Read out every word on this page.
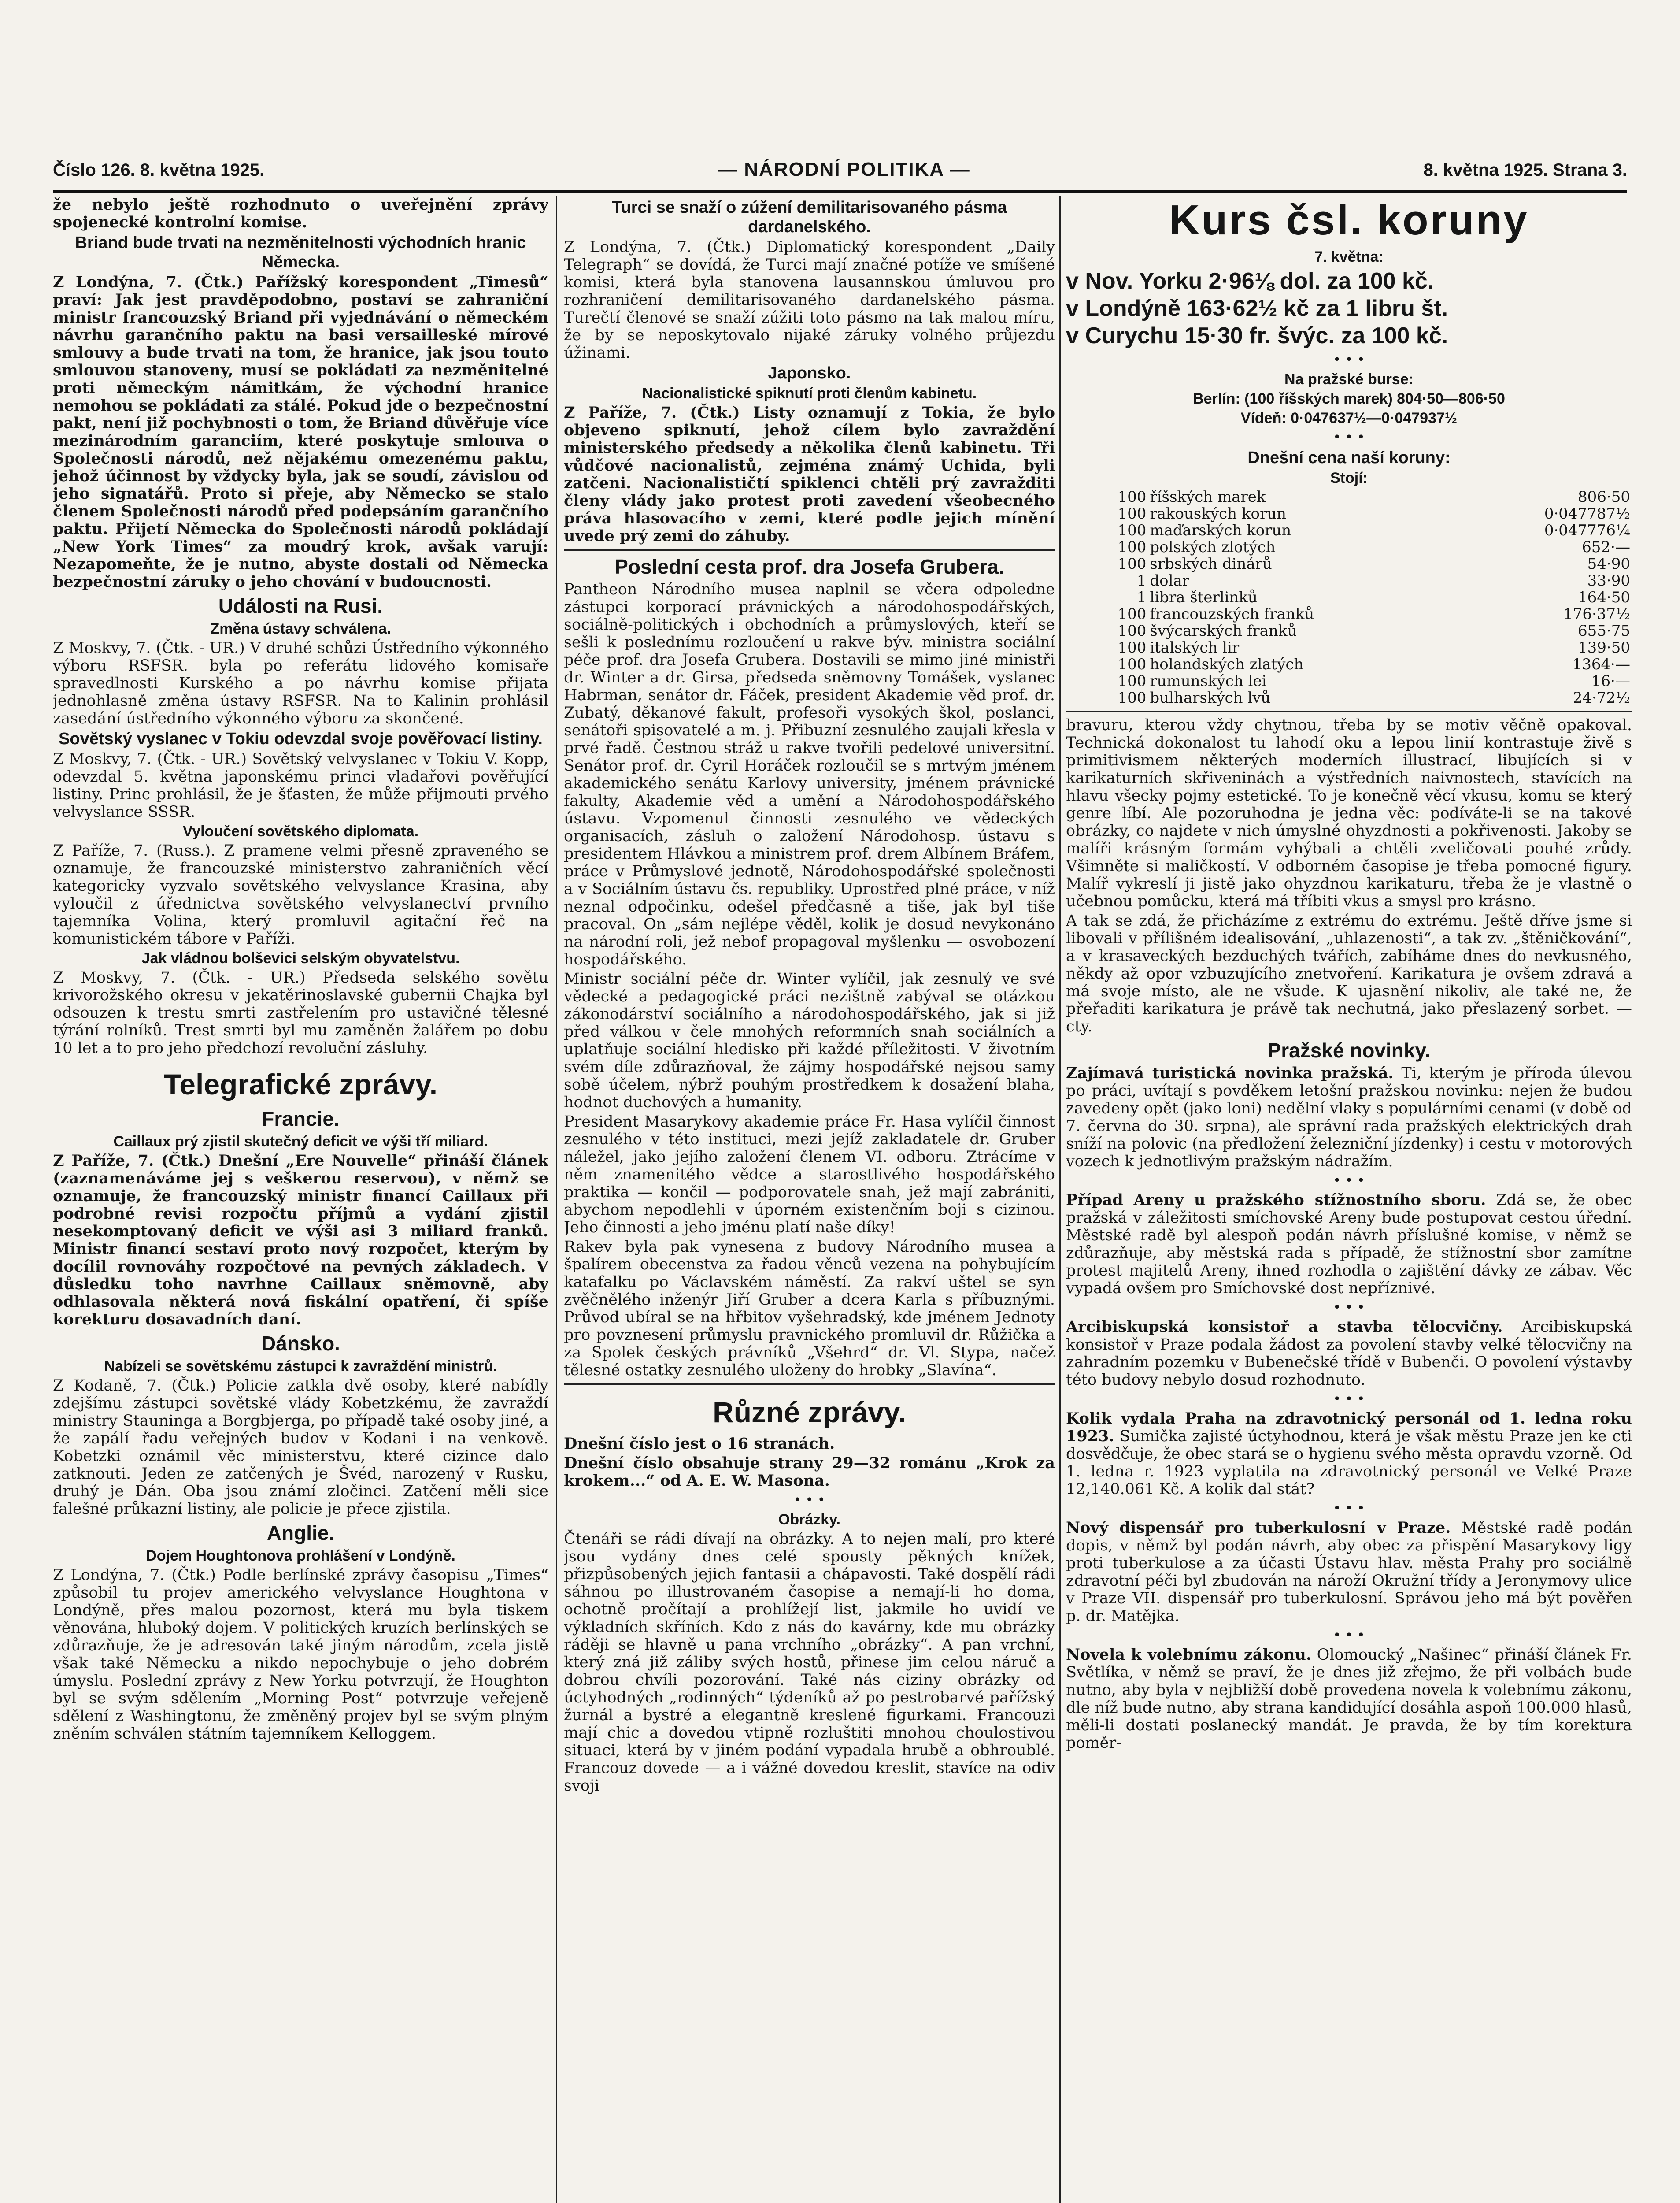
Číslo 126. 8. května 1925.	— NÁRODNÍ POLITIKA —	8. května 1925. Strana 3.

že nebylo ještě rozhodnuto o uveřejnění zprávy spojenecké kontrolní komise.

Briand bude trvati na nezměnitelnosti východních hranic Německa.

Z Londýna, 7. (Čtk.) Pařížský korespondent „Timesů“ praví: Jak jest pravděpodobno, postaví se zahraniční ministr francouzský Briand při vyjednávání o německém návrhu garančního paktu na basi versailleské mírové smlouvy a bude trvati na tom, že hranice, jak jsou touto smlouvou stanoveny, musí se pokládati za nezměnitelné proti německým námitkám, že východní hranice nemohou se pokládati za stálé. Pokud jde o bezpečnostní pakt, není již pochybnosti o tom, že Briand důvěřuje více mezinárodním garanciím, které poskytuje smlouva o Společnosti národů, než nějakému omezenému paktu, jehož účinnost by vždycky byla, jak se soudí, závislou od jeho signatářů. Proto si přeje, aby Německo se stalo členem Společnosti národů před podepsáním garančního paktu. Přijetí Německa do Společnosti národů pokládají „New York Times“ za moudrý krok, avšak varují: Nezapomeňte, že je nutno, abyste dostali od Německa bezpečnostní záruky o jeho chování v budoucnosti.

Události na Rusi.
Změna ústavy schválena.

Z Moskvy, 7. (Čtk. - UR.) V druhé schůzi Ústředního výkonného výboru RSFSR. byla po referátu lidového komisaře spravedlnosti Kurského a po návrhu komise přijata jednohlasně změna ústavy RSFSR. Na to Kalinin prohlásil zasedání ústředního výkonného výboru za skončené.

Sovětský vyslanec v Tokiu odevzdal svoje pověřovací listiny.

Z Moskvy, 7. (Čtk. - UR.) Sovětský velvyslanec v Tokiu V. Kopp, odevzdal 5. května japonskému princi vladařovi pověřující listiny. Princ prohlásil, že je šťasten, že může přijmouti prvého velvyslance SSSR.

Vyloučení sovětského diplomata.

Z Paříže, 7. (Russ.). Z pramene velmi přesně zpraveného se oznamuje, že francouzské ministerstvo zahraničních věcí kategoricky vyzvalo sovětského velvyslance Krasina, aby vyloučil z úřednictva sovětského velvyslanectví prvního tajemníka Volina, který promluvil agitační řeč na komunistickém tábore v Paříži.

Jak vládnou bolševici selským obyvatelstvu.

Z Moskvy, 7. (Čtk. - UR.) Předseda selského sovětu krivorožského okresu v jekatěrinoslavské gubernii Chajka byl odsouzen k trestu smrti zastřelením pro ustavičné tělesné týrání rolníků. Trest smrti byl mu zaměněn žalářem po dobu 10 let a to pro jeho předchozí revoluční zásluhy.

Telegrafické zprávy.
Francie.
Caillaux prý zjistil skutečný deficit ve výši tří miliard.

Z Paříže, 7. (Čtk.) Dnešní „Ere Nouvelle“ přináší článek (zaznamenáváme jej s veškerou reservou), v němž se oznamuje, že francouzský ministr financí Caillaux při podrobné revisi rozpočtu příjmů a vydání zjistil nesekomptovaný deficit ve výši asi 3 miliard franků. Ministr financí sestaví proto nový rozpočet, kterým by docílil rovnováhy rozpočtové na pevných základech. V důsledku toho navrhne Caillaux sněmovně, aby odhlasovala některá nová fiskální opatření, či spíše korekturu dosavadních daní.

Dánsko.
Nabízeli se sovětskému zástupci k zavraždění ministrů.

Z Kodaně, 7. (Čtk.) Policie zatkla dvě osoby, které nabídly zdejšímu zástupci sovětské vlády Kobetzkému, že zavraždí ministry Stauninga a Borgbjerga, po případě také osoby jiné, a že zapálí řadu veřejných budov v Kodani i na venkově. Kobetzki oznámil věc ministerstvu, které cizince dalo zatknouti. Jeden ze zatčených je Švéd, narozený v Rusku, druhý je Dán. Oba jsou známí zločinci. Zatčení měli sice falešné průkazní listiny, ale policie je přece zjistila.

Anglie.
Dojem Houghtonova prohlášení v Londýně.

Z Londýna, 7. (Čtk.) Podle berlínské zprávy časopisu „Times“ způsobil tu projev amerického velvyslance Houghtona v Londýně, přes malou pozornost, která mu byla tiskem věnována, hluboký dojem. V politických kruzích berlínských se zdůrazňuje, že je adresován také jiným národům, zcela jistě však také Německu a nikdo nepochybuje o jeho dobrém úmyslu. Poslední zprávy z New Yorku potvrzují, že Houghton byl se svým sdělením „Morning Post“ potvrzuje veřejeně sdělení z Washingtonu, že změněný projev byl se svým plným zněním schválen státním tajemníkem Kelloggem.

Turci se snaží o zúžení demilitarisovaného pásma dardanelského.

Z Londýna, 7. (Čtk.) Diplomatický korespondent „Daily Telegraph“ se dovídá, že Turci mají značné potíže ve smíšené komisi, která byla stanovena lausannskou úmluvou pro rozhraničení demilitarisovaného dardanelského pásma. Turečtí členové se snaží zúžiti toto pásmo na tak malou míru, že by se neposkytovalo nijaké záruky volného průjezdu úžinami.

Japonsko.
Nacionalistické spiknutí proti členům kabinetu.

Z Paříže, 7. (Čtk.) Listy oznamují z Tokia, že bylo objeveno spiknutí, jehož cílem bylo zavraždění ministerského předsedy a několika členů kabinetu. Tři vůdčové nacionalistů, zejména známý Uchida, byli zatčeni. Nacionalističtí spiklenci chtěli prý zavražditi členy vlády jako protest proti zavedení všeobecného práva hlasovacího v zemi, které podle jejich mínění uvede prý zemi do záhuby.

Poslední cesta prof. dra Josefa Grubera.

Pantheon Národního musea naplnil se včera odpoledne zástupci korporací právnických a národohospodářských, sociálně-politických i obchodních a průmyslových, kteří se sešli k poslednímu rozloučení u rakve býv. ministra sociální péče prof. dra Josefa Grubera. Dostavili se mimo jiné ministři dr. Winter a dr. Girsa, předseda sněmovny Tomášek, vyslanec Habrman, senátor dr. Fáček, president Akademie věd prof. dr. Zubatý, děkanové fakult, profesoři vysokých škol, poslanci, senátoři spisovatelé a m. j. Přibuzní zesnulého zaujali křesla v prvé řadě. Čestnou stráž u rakve tvořili pedelové universitní. Senátor prof. dr. Cyril Horáček rozloučil se s mrtvým jménem akademického senátu Karlovy university, jménem právnické fakulty, Akademie věd a umění a Národohospodářského ústavu. Vzpomenul činnosti zesnulého ve vědeckých organisacích, zásluh o založení Národohosp. ústavu s presidentem Hlávkou a ministrem prof. drem Albínem Bráfem, práce v Průmyslové jednotě, Národohospodářské společnosti a v Sociálním ústavu čs. republiky. Uprostřed plné práce, v níž neznal odpočinku, odešel předčasně a tiše, jak byl tiše pracoval. On „sám nejlépe věděl, kolik je dosud nevykonáno na národní roli, jež nebof propagoval myšlenku — osvobození hospodářského.

Ministr sociální péče dr. Winter vylíčil, jak zesnulý ve své vědecké a pedagogické práci nezištně zabýval se otázkou zákonodárství sociálního a národohospodářského, jak si již před válkou v čele mnohých reformních snah sociálních a uplatňuje sociální hledisko při každé příležitosti. V životním svém díle zdůrazňoval, že zájmy hospodářské nejsou samy sobě účelem, nýbrž pouhým prostředkem k dosažení blaha, hodnot duchových a humanity.

President Masarykovy akademie práce Fr. Hasa vylíčil činnost zesnulého v této instituci, mezi jejíž zakladatele dr. Gruber náležel, jako jejího založení členem VI. odboru. Ztrácíme v něm znamenitého vědce a starostlivého hospodářského praktika — končil — podporovatele snah, jež mají zabrániti, abychom nepodlehli v úporném existenčním boji s cizinou. Jeho činnosti a jeho jménu platí naše díky!

Rakev byla pak vynesena z budovy Národního musea a špalírem obecenstva za řadou věnců vezena na pohybujícím katafalku po Václavském náměstí. Za rakví uštel se syn zvěčnělého inženýr Jiří Gruber a dcera Karla s příbuznými. Průvod ubíral se na hřbitov vyšehradský, kde jménem Jednoty pro povznesení průmyslu pravnického promluvil dr. Růžička a za Spolek českých právníků „Všehrd“ dr. Vl. Stypa, načež tělesné ostatky zesnulého uloženy do hrobky „Slavína“.

Různé zprávy.

Dnešní číslo jest o 16 stranách.

Dnešní číslo obsahuje strany 29—32 románu „Krok za krokem...“ od A. E. W. Masona.

• • •
Obrázky.

Čtenáři se rádi dívají na obrázky. A to nejen malí, pro které jsou vydány dnes celé spousty pěkných knížek, přizpůsobených jejich fantasii a chápavosti. Také dospělí rádi sáhnou po illustrovaném časopise a nemají-li ho doma, ochotně pročítají a prohlížejí list, jakmile ho uvidí ve výkladních skříních. Kdo z nás do kavárny, kde mu obrázky ráději se hlavně u pana vrchního „obrázky“. A pan vrchní, který zná již záliby svých hostů, přinese jim celou náruč a dobrou chvíli pozorování. Také nás ciziny obrázky od úctyhodných „rodinných“ týdeníků až po pestrobarvé pařížský žurnál a bystré a elegantně kreslené figurkami. Francouzi mají chic a dovedou vtipně rozluštiti mnohou choulostivou situaci, která by v jiném podání vypadala hrubě a obhroublé. Francouz dovede — a i vážné dovedou kreslit, stavíce na odiv svoji

Kurs čsl. koruny
7. května:

v Nov. Yorku 2·96⅛ dol. za 100 kč.

v Londýně 163·62½ kč za 1 libru št.

v Curychu 15·30 fr. švýc. za 100 kč.

• • •
Na pražské burse:
Berlín: (100 říšských marek) 804·50—806·50
Vídeň: 0·047637½—0·047937½
• • •
Dnešní cena naší koruny:
Stojí:
100	říšských marek	806·50
100	rakouských korun	0·047787½
100	maďarských korun	0·047776¼
100	polských zlotých	652·—
100	srbských dinárů	54·90
1	dolar	33·90
1	libra šterlinků	164·50
100	francouzských franků	176·37½
100	švýcarských franků	655·75
100	italských lir	139·50
100	holandských zlatých	1364·—
100	rumunských lei	16·—
100	bulharských lvů	24·72½

bravuru, kterou vždy chytnou, třeba by se motiv věčně opakoval. Technická dokonalost tu lahodí oku a lepou linií kontrastuje živě s primitivismem některých moderních illustrací, libujících si v karikaturních skřiveninách a výstředních naivnostech, stavících na hlavu všecky pojmy estetické. To je konečně věcí vkusu, komu se který genre líbí. Ale pozoruhodna je jedna věc: podíváte-li se na takové obrázky, co najdete v nich úmyslné ohyzdnosti a pokřivenosti. Jakoby se malíři krásným formám vyhýbali a chtěli zveličovati pouhé zrůdy. Všimněte si maličkostí. V odborném časopise je třeba pomocné figury. Malíř vykreslí ji jistě jako ohyzdnou karikaturu, třeba že je vlastně o učebnou pomůcku, která má tříbiti vkus a smysl pro krásno.

A tak se zdá, že přicházíme z extrému do extrému. Ještě dříve jsme si libovali v přílišném idealisování, „uhlazenosti“, a tak zv. „štěničkování“, a v krasaveckých bezduchých tvářích, zabíháme dnes do nevkusného, někdy až opor vzbuzujícího znetvoření. Karikatura je ovšem zdravá a má svoje místo, ale ne všude. K ujasnění nikoliv, ale také ne, že přeřaditi karikatura je právě tak nechutná, jako přeslazený sorbet. —cty.

Pražské novinky.

Zajímavá turistická novinka pražská. Ti, kterým je příroda úlevou po práci, uvítají s povděkem letošní pražskou novinku: nejen že budou zavedeny opět (jako loni) nedělní vlaky s populárními cenami (v době od 7. června do 30. srpna), ale správní rada pražských elektrických drah sníží na polovic (na předložení železniční jízdenky) i cestu v motorových vozech k jednotlivým pražským nádražím.

• • •

Případ Areny u pražského stížnostního sboru. Zdá se, že obec pražská v záležitosti smíchovské Areny bude postupovat cestou úřední. Městské radě byl alespoň podán návrh příslušné komise, v němž se zdůrazňuje, aby městská rada s případě, že stížnostní sbor zamítne protest majitelů Areny, ihned rozhodla o zajištění dávky ze zábav. Věc vypadá ovšem pro Smíchovské dost nepříznivé.

• • •

Arcibiskupská konsistoř a stavba tělocvičny. Arcibiskupská konsistoř v Praze podala žádost za povolení stavby velké tělocvičny na zahradním pozemku v Bubenečské třídě v Bubenči. O povolení výstavby této budovy nebylo dosud rozhodnuto.

• • •

Kolik vydala Praha na zdravotnický personál od 1. ledna roku 1923. Sumička zajisté úctyhodnou, která je však městu Praze jen ke cti dosvědčuje, že obec stará se o hygienu svého města opravdu vzorně. Od 1. ledna r. 1923 vyplatila na zdravotnický personál ve Velké Praze 12,140.061 Kč. A kolik dal stát?

• • •

Nový dispensář pro tuberkulosní v Praze. Městské radě podán dopis, v němž byl podán návrh, aby obec za přispění Masarykovy ligy proti tuberkulose a za účasti Ústavu hlav. města Prahy pro sociálně zdravotní péči byl zbudován na nároží Okružní třídy a Jeronymovy ulice v Praze VII. dispensář pro tuberkulosní. Správou jeho má být pověřen p. dr. Matějka.

• • •

Novela k volebnímu zákonu. Olomoucký „Našinec“ přináší článek Fr. Světlíka, v němž se praví, že je dnes již zřejmo, že při volbách bude nutno, aby byla v nejbližší době provedena novela k volebnímu zákonu, dle níž bude nutno, aby strana kandidující dosáhla aspoň 100.000 hlasů, měli-li dostati poslanecký mandát. Je pravda, že by tím korektura poměr-
